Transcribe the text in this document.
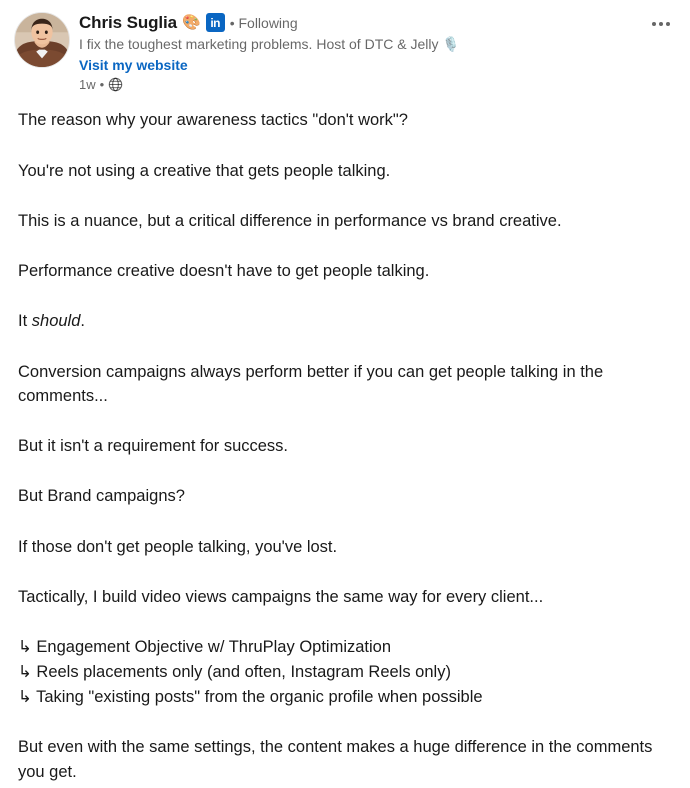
Chris Suglia 🎨 in • Following
I fix the toughest marketing problems. Host of DTC & Jelly 🎙️
Visit my website
1w •

The reason why your awareness tactics "don't work"?

You're not using a creative that gets people talking.

This is a nuance, but a critical difference in performance vs brand creative.

Performance creative doesn't have to get people talking.

It should.

Conversion campaigns always perform better if you can get people talking in the comments...

But it isn't a requirement for success.

But Brand campaigns?

If those don't get people talking, you've lost.

Tactically, I build video views campaigns the same way for every client...

↳ Engagement Objective w/ ThruPlay Optimization

↳ Reels placements only (and often, Instagram Reels only)

↳ Taking "existing posts" from the organic profile when possible

But even with the same settings, the content makes a huge difference in the comments you get.
